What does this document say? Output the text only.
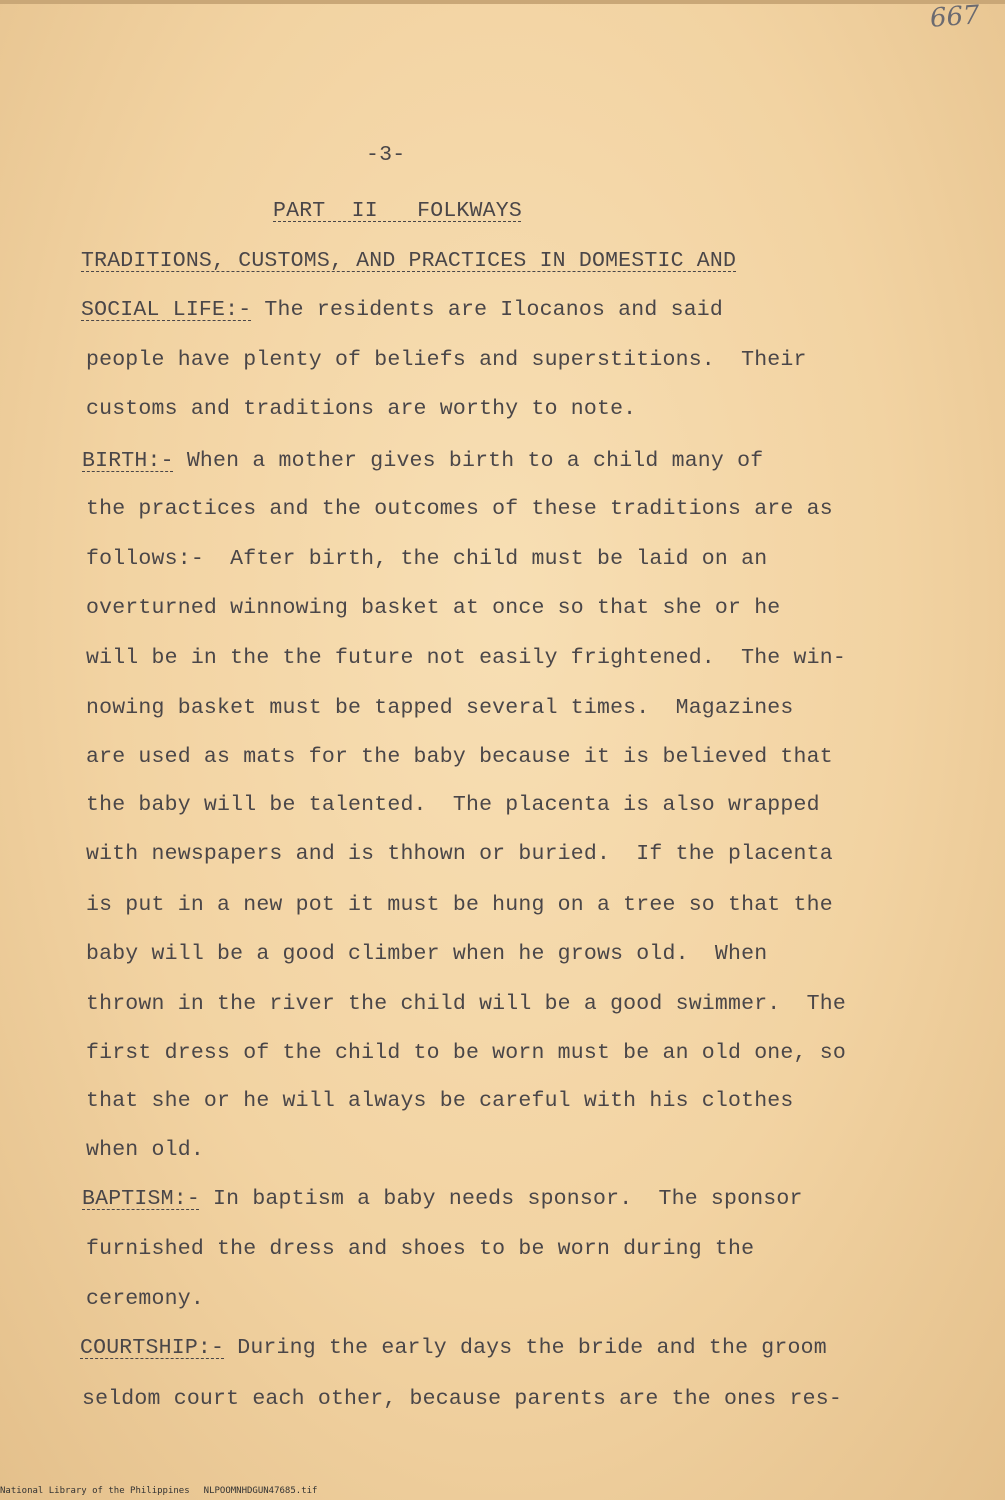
667
-3-
PART  II   FOLKWAYS
TRADITIONS, CUSTOMS, AND PRACTICES IN DOMESTIC AND
SOCIAL LIFE:- The residents are Ilocanos and said
people have plenty of beliefs and superstitions.  Their
customs and traditions are worthy to note.
BIRTH:- When a mother gives birth to a child many of
the practices and the outcomes of these traditions are as
follows:-  After birth, the child must be laid on an
overturned winnowing basket at once so that she or he
will be in the the future not easily frightened.  The win-
nowing basket must be tapped several times.  Magazines
are used as mats for the baby because it is believed that
the baby will be talented.  The placenta is also wrapped
with newspapers and is thhown or buried.  If the placenta
is put in a new pot it must be hung on a tree so that the
baby will be a good climber when he grows old.  When
thrown in the river the child will be a good swimmer.  The
first dress of the child to be worn must be an old one, so
that she or he will always be careful with his clothes
when old.
BAPTISM:- In baptism a baby needs sponsor.  The sponsor
furnished the dress and shoes to be worn during the
ceremony.
COURTSHIP:- During the early days the bride and the groom
seldom court each other, because parents are the ones res-
National Library of the Philippines NLPOOMNHDGUN47685.tif
